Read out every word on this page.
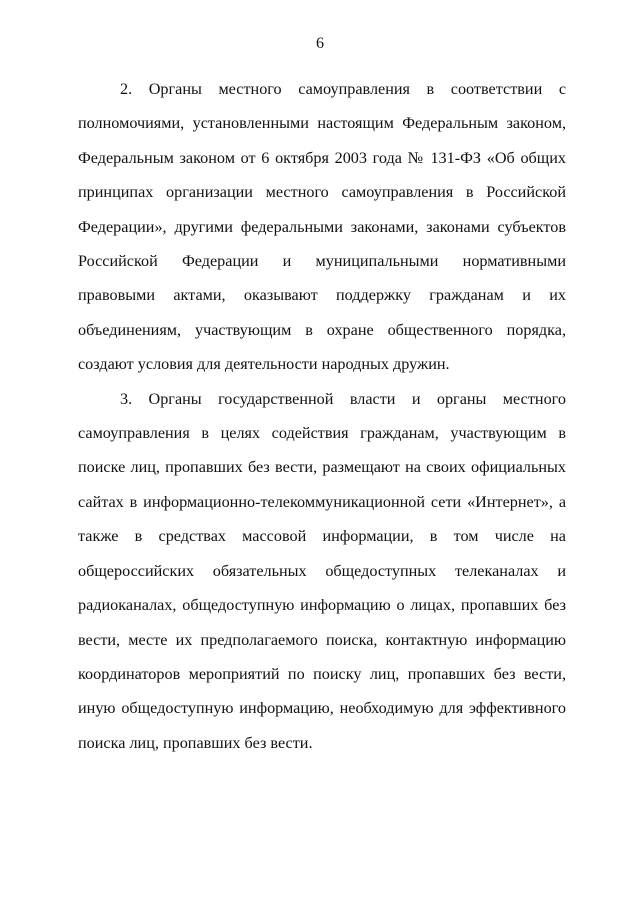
6

2. Органы местного самоуправления в соответствии с полномочиями, установленными настоящим Федеральным законом, Федеральным законом от 6 октября 2003 года № 131-ФЗ «Об общих принципах организации местного самоуправления в Российской Федерации», другими федеральными законами, законами субъектов Российской Федерации и муниципальными нормативными правовыми актами, оказывают поддержку гражданам и их объединениям, участвующим в охране общественного порядка, создают условия для деятельности народных дружин.

3. Органы государственной власти и органы местного самоуправления в целях содействия гражданам, участвующим в поиске лиц, пропавших без вести, размещают на своих официальных сайтах в информационно-телекоммуникационной сети «Интернет», а также в средствах массовой информации, в том числе на общероссийских обязательных общедоступных телеканалах и радиоканалах, общедоступную информацию о лицах, пропавших без вести, месте их предполагаемого поиска, контактную информацию координаторов мероприятий по поиску лиц, пропавших без вести, иную общедоступную информацию, необходимую для эффективного поиска лиц, пропавших без вести.
